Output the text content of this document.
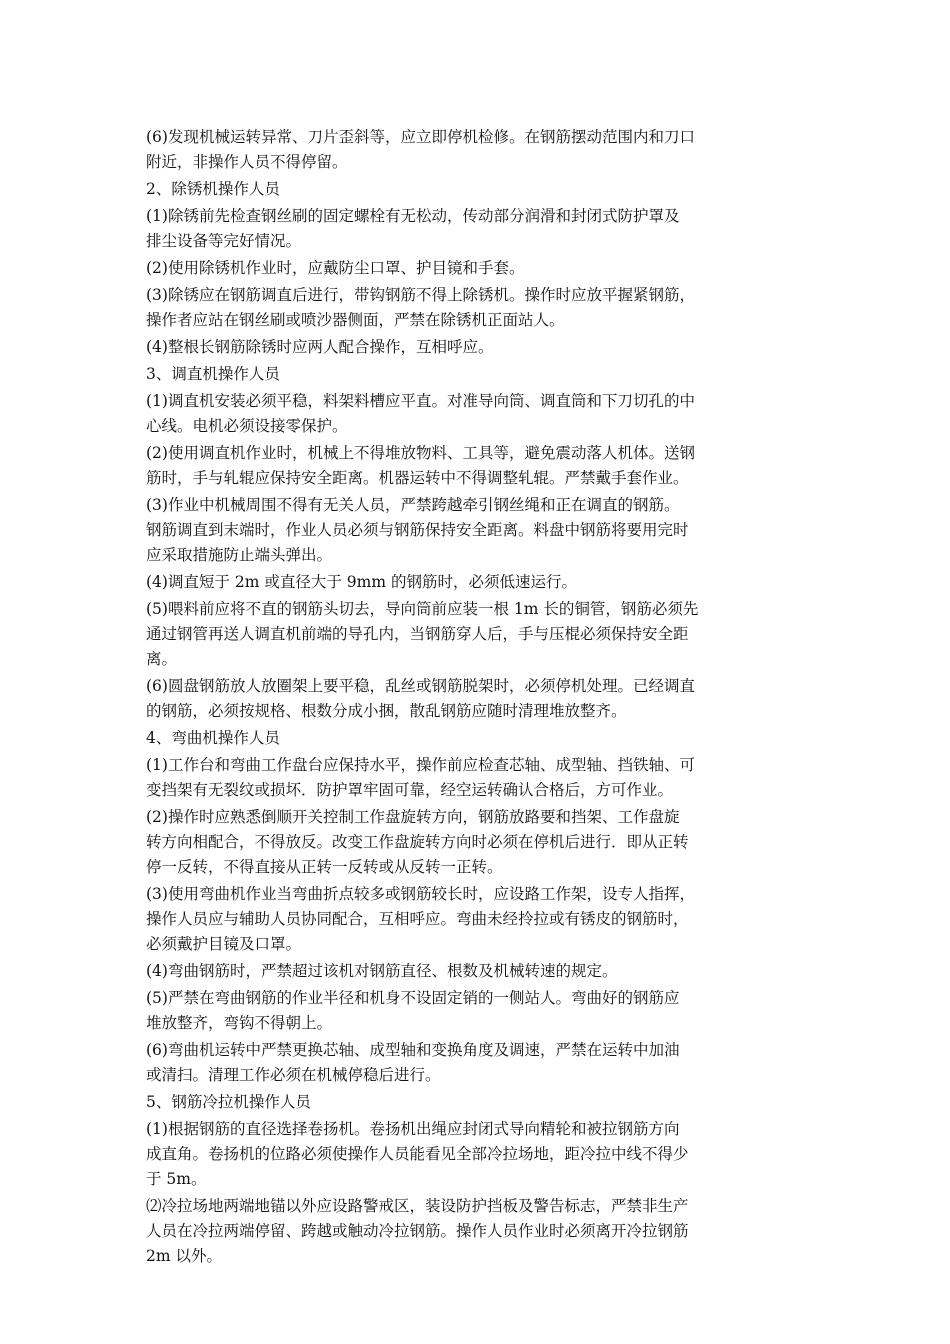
(6)发现机械运转异常、刀片歪斜等，应立即停机检修。在钢筋摆动范围内和刀口
附近，非操作人员不得停留。
2、除锈机操作人员
(1)除锈前先检查钢丝刷的固定螺栓有无松动，传动部分润滑和封闭式防护罩及
排尘设备等完好情况。
(2)使用除锈机作业时，应戴防尘口罩、护目镜和手套。
(3)除锈应在钢筋调直后进行，带钩钢筋不得上除锈机。操作时应放平握紧钢筋，
操作者应站在钢丝刷或喷沙器侧面，严禁在除锈机正面站人。
(4)整根长钢筋除锈时应两人配合操作，互相呼应。
3、调直机操作人员
(1)调直机安装必须平稳，料架料槽应平直。对准导向筒、调直筒和下刀切孔的中
心线。电机必须设接零保护。
(2)使用调直机作业时，机械上不得堆放物料、工具等，避免震动落人机体。送钢
筋时，手与轧辊应保持安全距离。机器运转中不得调整轧辊。严禁戴手套作业。
(3)作业中机械周围不得有无关人员，严禁跨越牵引钢丝绳和正在调直的钢筋。
钢筋调直到末端时，作业人员必须与钢筋保持安全距离。料盘中钢筋将要用完时
应采取措施防止端头弹出。
(4)调直短于 2m 或直径大于 9mm 的钢筋时，必须低速运行。
(5)喂料前应将不直的钢筋头切去，导向筒前应装一根 1m 长的铜管，钢筋必须先
通过钢管再送人调直机前端的导孔内，当钢筋穿人后，手与压棍必须保持安全距
离。
(6)圆盘钢筋放人放圈架上要平稳，乱丝或钢筋脱架时，必须停机处理。已经调直
的钢筋，必须按规格、根数分成小捆，散乱钢筋应随时清理堆放整齐。
4、弯曲机操作人员
(1)工作台和弯曲工作盘台应保持水平，操作前应检查芯轴、成型轴、挡铁轴、可
变挡架有无裂纹或损坏．防护罩牢固可靠，经空运转确认合格后，方可作业。
(2)操作时应熟悉倒顺开关控制工作盘旋转方向，钢筋放路要和挡架、工作盘旋
转方向相配合，不得放反。改变工作盘旋转方向时必须在停机后进行．即从正转
停一反转，不得直接从正转一反转或从反转一正转。
(3)使用弯曲机作业当弯曲折点较多或钢筋较长时，应设路工作架，设专人指挥，
操作人员应与辅助人员协同配合，互相呼应。弯曲未经拎拉或有锈皮的钢筋时，
必须戴护目镜及口罩。
(4)弯曲钢筋时，严禁超过该机对钢筋直径、根数及机械转速的规定。
(5)严禁在弯曲钢筋的作业半径和机身不设固定销的一侧站人。弯曲好的钢筋应
堆放整齐，弯钩不得朝上。
(6)弯曲机运转中严禁更换芯轴、成型轴和变换角度及调速，严禁在运转中加油
或清扫。清理工作必须在机械停稳后进行。
5、钢筋冷拉机操作人员
(1)根据钢筋的直径选择卷扬机。卷扬机出绳应封闭式导向精轮和被拉钢筋方向
成直角。卷扬机的位路必须使操作人员能看见全部冷拉场地，距冷拉中线不得少
于 5m。
⑵冷拉场地两端地锚以外应设路警戒区，装设防护挡板及警告标志，严禁非生产
人员在冷拉两端停留、跨越或触动冷拉钢筋。操作人员作业时必须离开冷拉钢筋
2m 以外。
